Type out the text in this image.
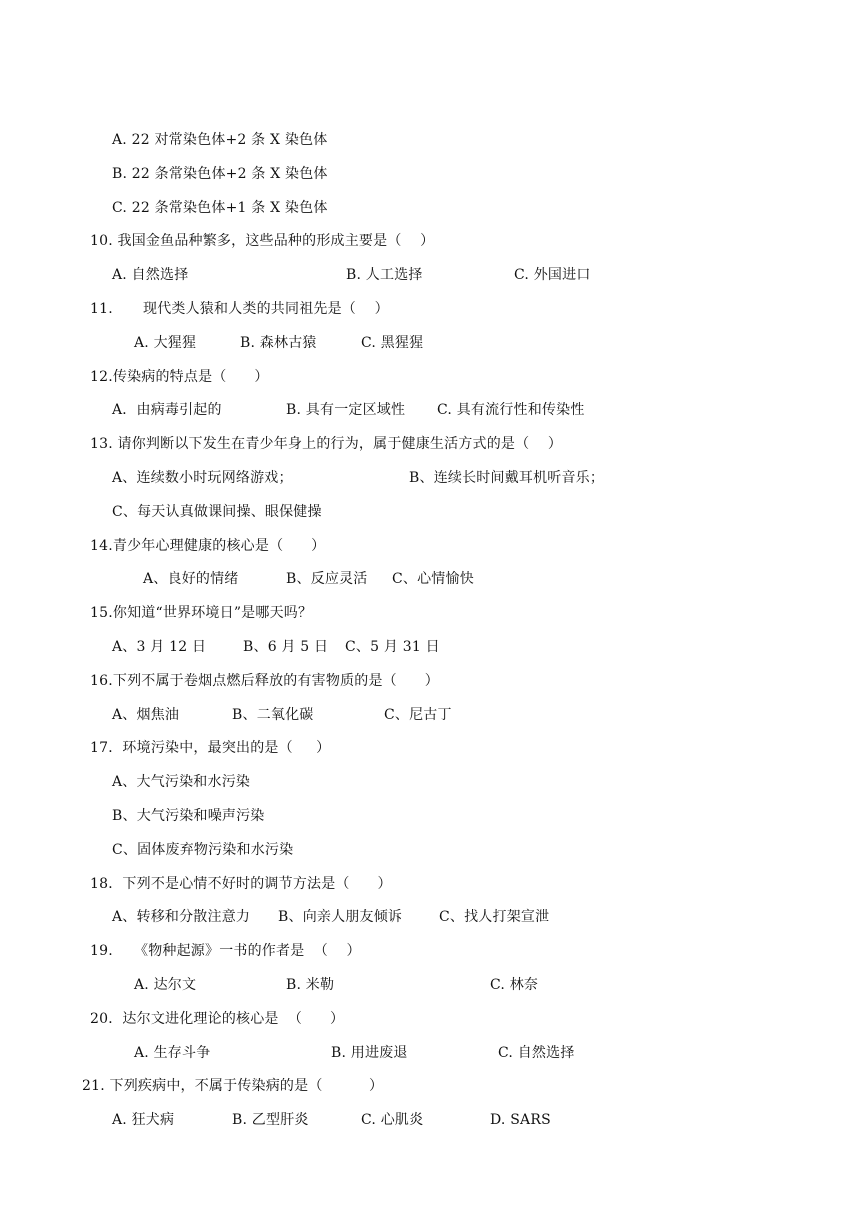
A. 22 对常染色体+2 条 X 染色体
B. 22 条常染色体+2 条 X 染色体
C. 22 条常染色体+1 条 X 染色体
10. 我国金鱼品种繁多，这些品种的形成主要是（    ）
A. 自然选择	B. 人工选择	C. 外国进口
11. 现代类人猿和人类的共同祖先是（    ）
A. 大猩猩	B. 森林古猿	C. 黑猩猩
12.传染病的特点是（      ）
A．由病毒引起的	B. 具有一定区域性 C. 具有流行性和传染性
13. 请你判断以下发生在青少年身上的行为，属于健康生活方式的是（    ）
A、连续数小时玩网络游戏；	B、连续长时间戴耳机听音乐；
C、每天认真做课间操、眼保健操
14.青少年心理健康的核心是（      ）
A、良好的情绪	B、反应灵活 C、心情愉快
15.你知道“世界环境日”是哪天吗？
A、3 月 12 日	B、6 月 5 日 C、5 月 31 日
16.下列不属于卷烟点燃后释放的有害物质的是（      ）
A、烟焦油	B、二氧化碳	C、尼古丁
17．环境污染中，最突出的是（     ）
A、大气污染和水污染
B、大气污染和噪声污染
C、固体废弃物污染和水污染
18．下列不是心情不好时的调节方法是（      ）
A、转移和分散注意力 B、向亲人朋友倾诉	C、找人打架宣泄
19. 《物种起源》一书的作者是  （    ）
A. 达尔文	B. 米勒	C. 林奈
20．达尔文进化理论的核心是  （      ）
A. 生存斗争	B. 用进废退	C. 自然选择
21. 下列疾病中，不属于传染病的是（          ）
A. 狂犬病	B. 乙型肝炎	C. 心肌炎	D. SARS
